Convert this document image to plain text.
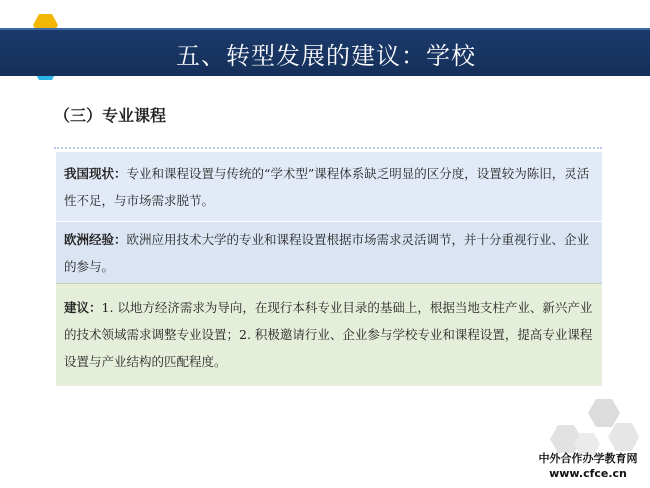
五、转型发展的建议：学校
（三）专业课程
我国现状：专业和课程设置与传统的“学术型”课程体系缺乏明显的区分度，设置较为陈旧，灵活性不足，与市场需求脱节。
欧洲经验：欧洲应用技术大学的专业和课程设置根据市场需求灵活调节，并十分重视行业、企业的参与。
建议：1. 以地方经济需求为导向，在现行本科专业目录的基础上，根据当地支柱产业、新兴产业的技术领域需求调整专业设置；2. 积极邀请行业、企业参与学校专业和课程设置，提高专业课程设置与产业结构的匹配程度。
中外合作办学教育网
www.cfce.cn
